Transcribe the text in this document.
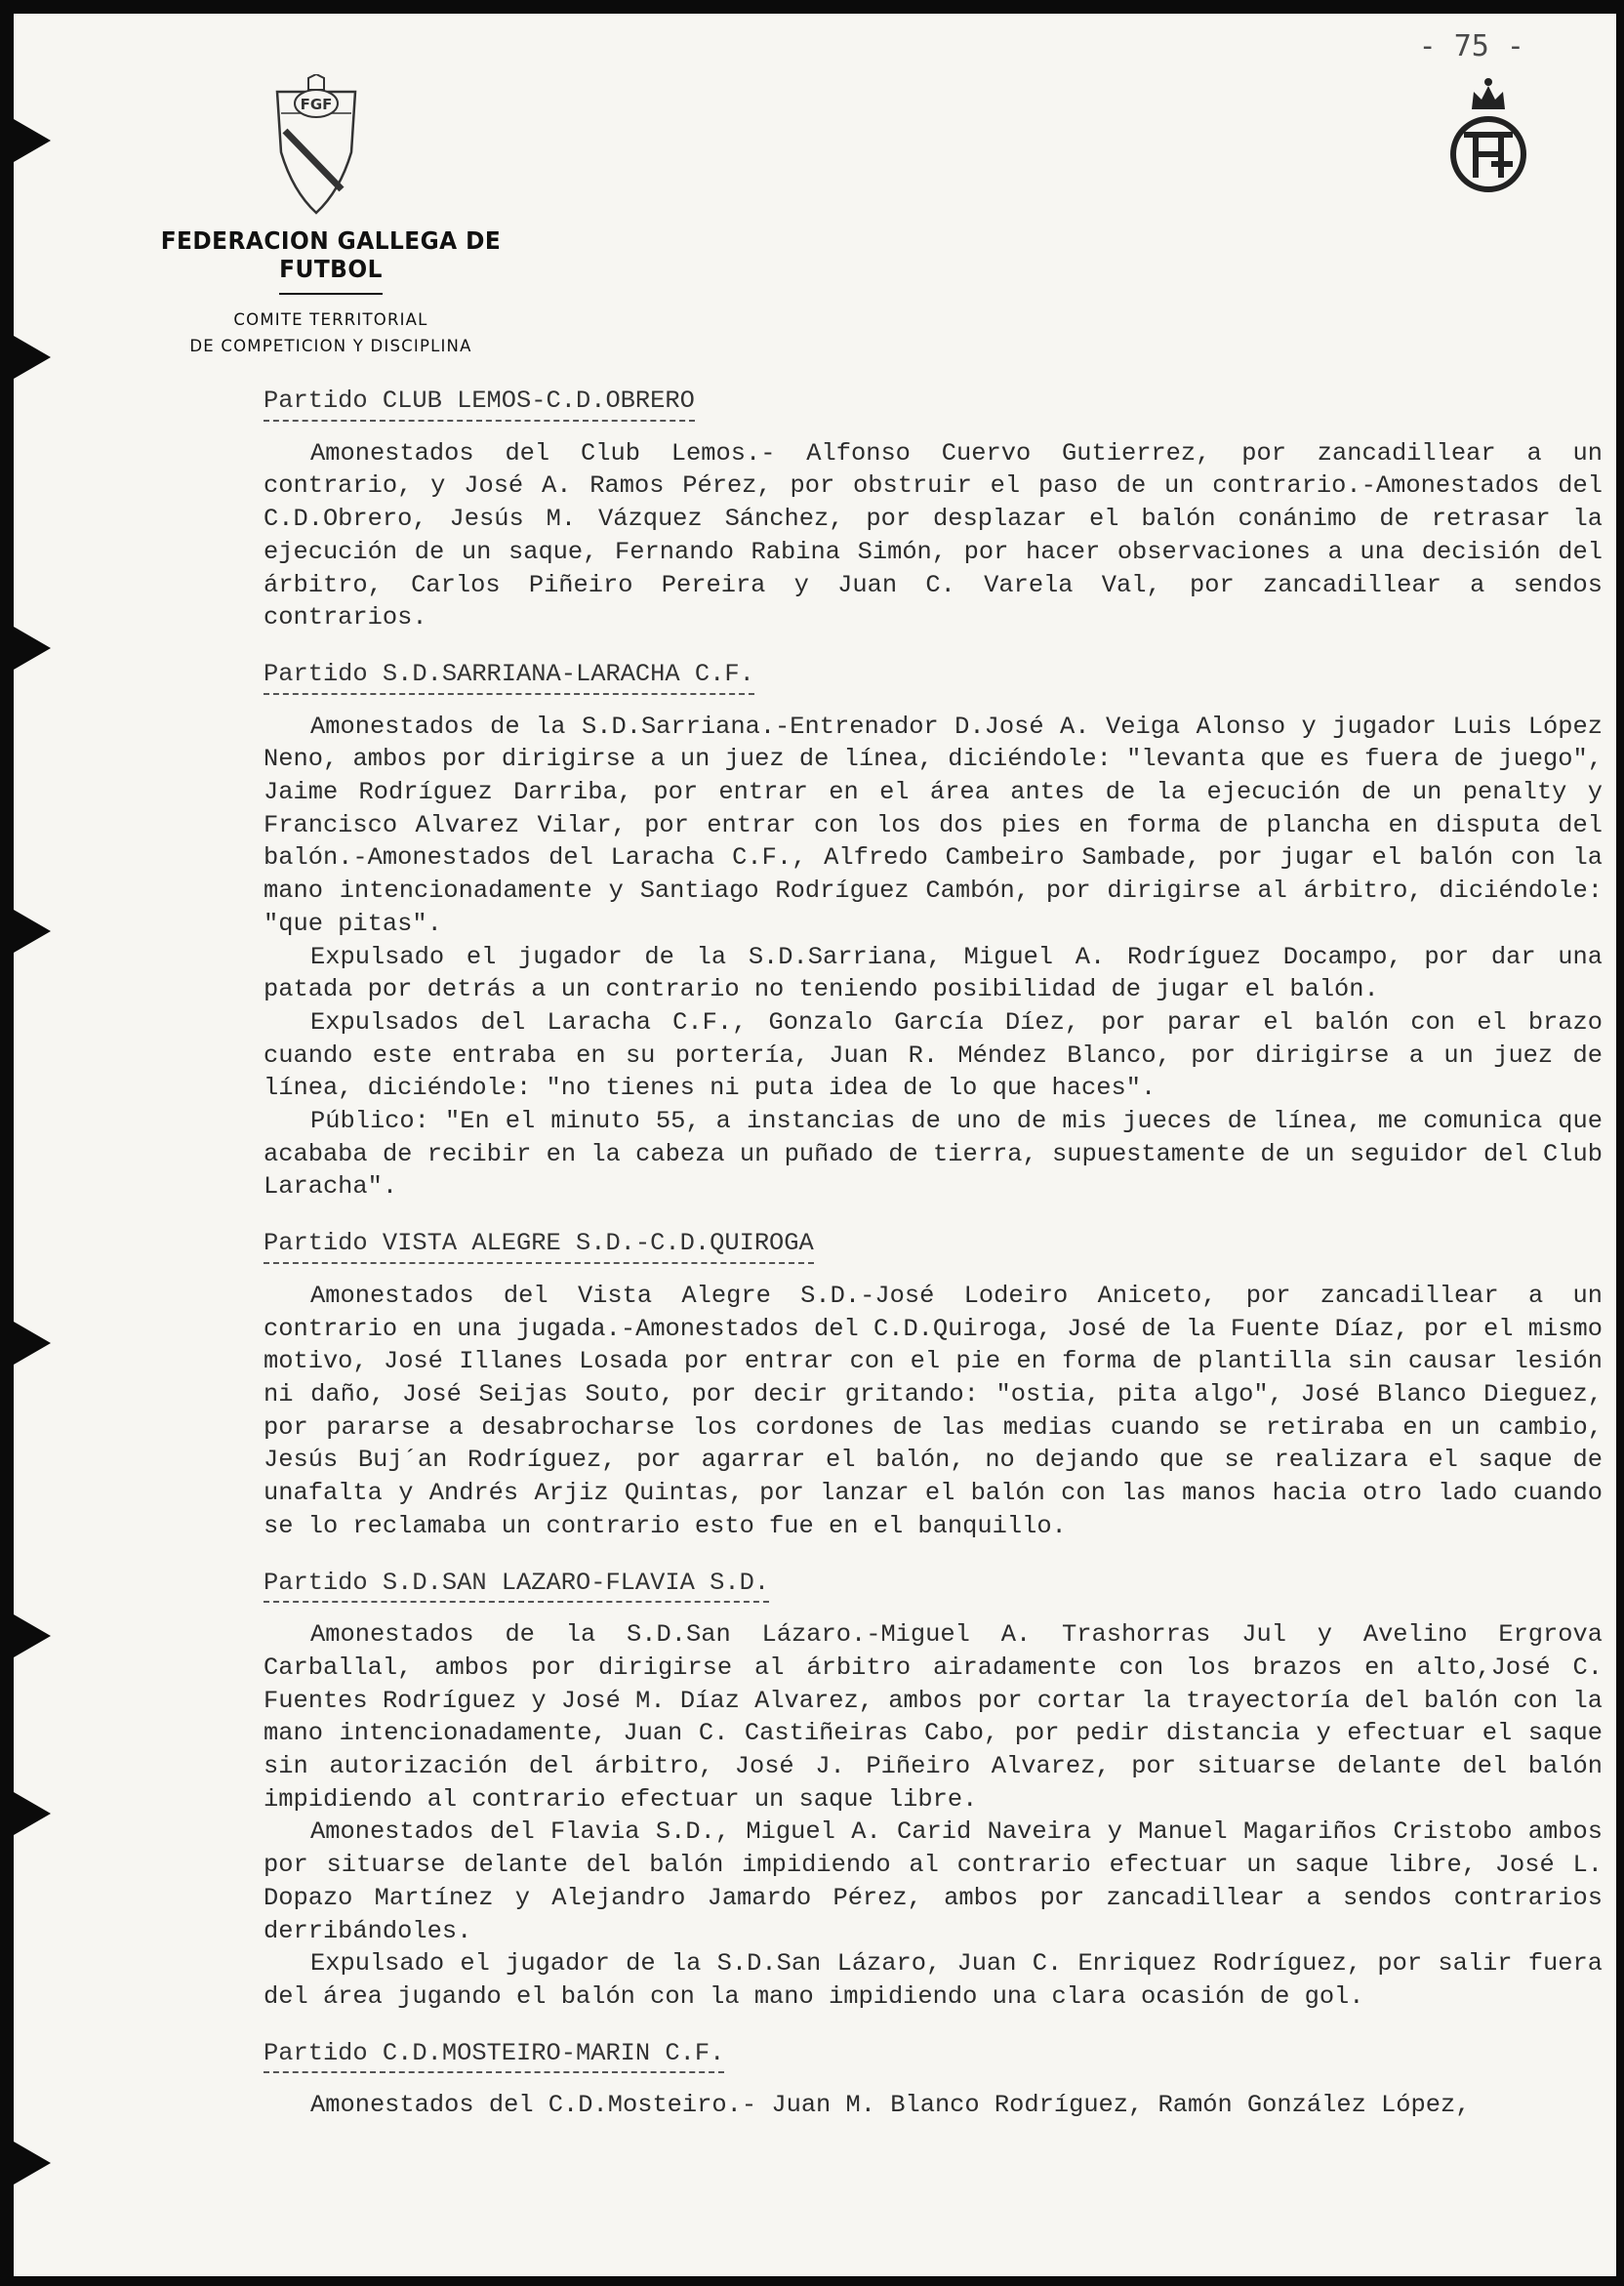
- 75 -
FGF
FEDERACION GALLEGA DE FUTBOL
COMITE TERRITORIAL
DE COMPETICION Y DISCIPLINA
Partido CLUB LEMOS-C.D.OBRERO

Amonestados del Club Lemos.- Alfonso Cuervo Gutierrez, por zancadillear a un contrario, y José A. Ramos Pérez, por obstruir el paso de un contrario.-Amonestados del C.D.Obrero, Jesús M. Vázquez Sánchez, por desplazar el balón conánimo de retrasar la ejecución de un saque, Fernando Rabina Simón, por hacer observaciones a una decisión del árbitro, Carlos Piñeiro Pereira y Juan C. Varela Val, por zancadillear a sendos contrarios.

Partido S.D.SARRIANA-LARACHA C.F.

Amonestados de la S.D.Sarriana.-Entrenador D.José A. Veiga Alonso y jugador Luis López Neno, ambos por dirigirse a un juez de línea, diciéndole: "levanta que es fuera de juego", Jaime Rodríguez Darriba, por entrar en el área antes de la ejecución de un penalty y Francisco Alvarez Vilar, por entrar con los dos pies en forma de plancha en disputa del balón.-Amonestados del Laracha C.F., Alfredo Cambeiro Sambade, por jugar el balón con la mano intencionadamente y Santiago Rodríguez Cambón, por dirigirse al árbitro, diciéndole: "que pitas".

Expulsado el jugador de la S.D.Sarriana, Miguel A. Rodríguez Docampo, por dar una patada por detrás a un contrario no teniendo posibilidad de jugar el balón.

Expulsados del Laracha C.F., Gonzalo García Díez, por parar el balón con el brazo cuando este entraba en su portería, Juan R. Méndez Blanco, por dirigirse a un juez de línea, diciéndole: "no tienes ni puta idea de lo que haces".

Público: "En el minuto 55, a instancias de uno de mis jueces de línea, me comunica que acababa de recibir en la cabeza un puñado de tierra, supuestamente de un seguidor del Club Laracha".

Partido VISTA ALEGRE S.D.-C.D.QUIROGA

Amonestados del Vista Alegre S.D.-José Lodeiro Aniceto, por zancadillear a un contrario en una jugada.-Amonestados del C.D.Quiroga, José de la Fuente Díaz, por el mismo motivo, José Illanes Losada por entrar con el pie en forma de plantilla sin causar lesión ni daño, José Seijas Souto, por decir gritando: "ostia, pita algo", José Blanco Dieguez, por pararse a desabrocharse los cordones de las medias cuando se retiraba en un cambio, Jesús Buj´an Rodríguez, por agarrar el balón, no dejando que se realizara el saque de unafalta y Andrés Arjiz Quintas, por lanzar el balón con las manos hacia otro lado cuando se lo reclamaba un contrario esto fue en el banquillo.

Partido S.D.SAN LAZARO-FLAVIA S.D.

Amonestados de la S.D.San Lázaro.-Miguel A. Trashorras Jul y Avelino Ergrova Carballal, ambos por dirigirse al árbitro airadamente con los brazos en alto,José C. Fuentes Rodríguez y José M. Díaz Alvarez, ambos por cortar la trayectoría del balón con la mano intencionadamente, Juan C. Castiñeiras Cabo, por pedir distancia y efectuar el saque sin autorización del árbitro, José J. Piñeiro Alvarez, por situarse delante del balón impidiendo al contrario efectuar un saque libre.

Amonestados del Flavia S.D., Miguel A. Carid Naveira y Manuel Magariños Cristobo ambos por situarse delante del balón impidiendo al contrario efectuar un saque libre, José L. Dopazo Martínez y Alejandro Jamardo Pérez, ambos por zancadillear a sendos contrarios derribándoles.

Expulsado el jugador de la S.D.San Lázaro, Juan C. Enriquez Rodríguez, por salir fuera del área jugando el balón con la mano impidiendo una clara ocasión de gol.

Partido C.D.MOSTEIRO-MARIN C.F.

Amonestados del C.D.Mosteiro.- Juan M. Blanco Rodríguez, Ramón González López,
